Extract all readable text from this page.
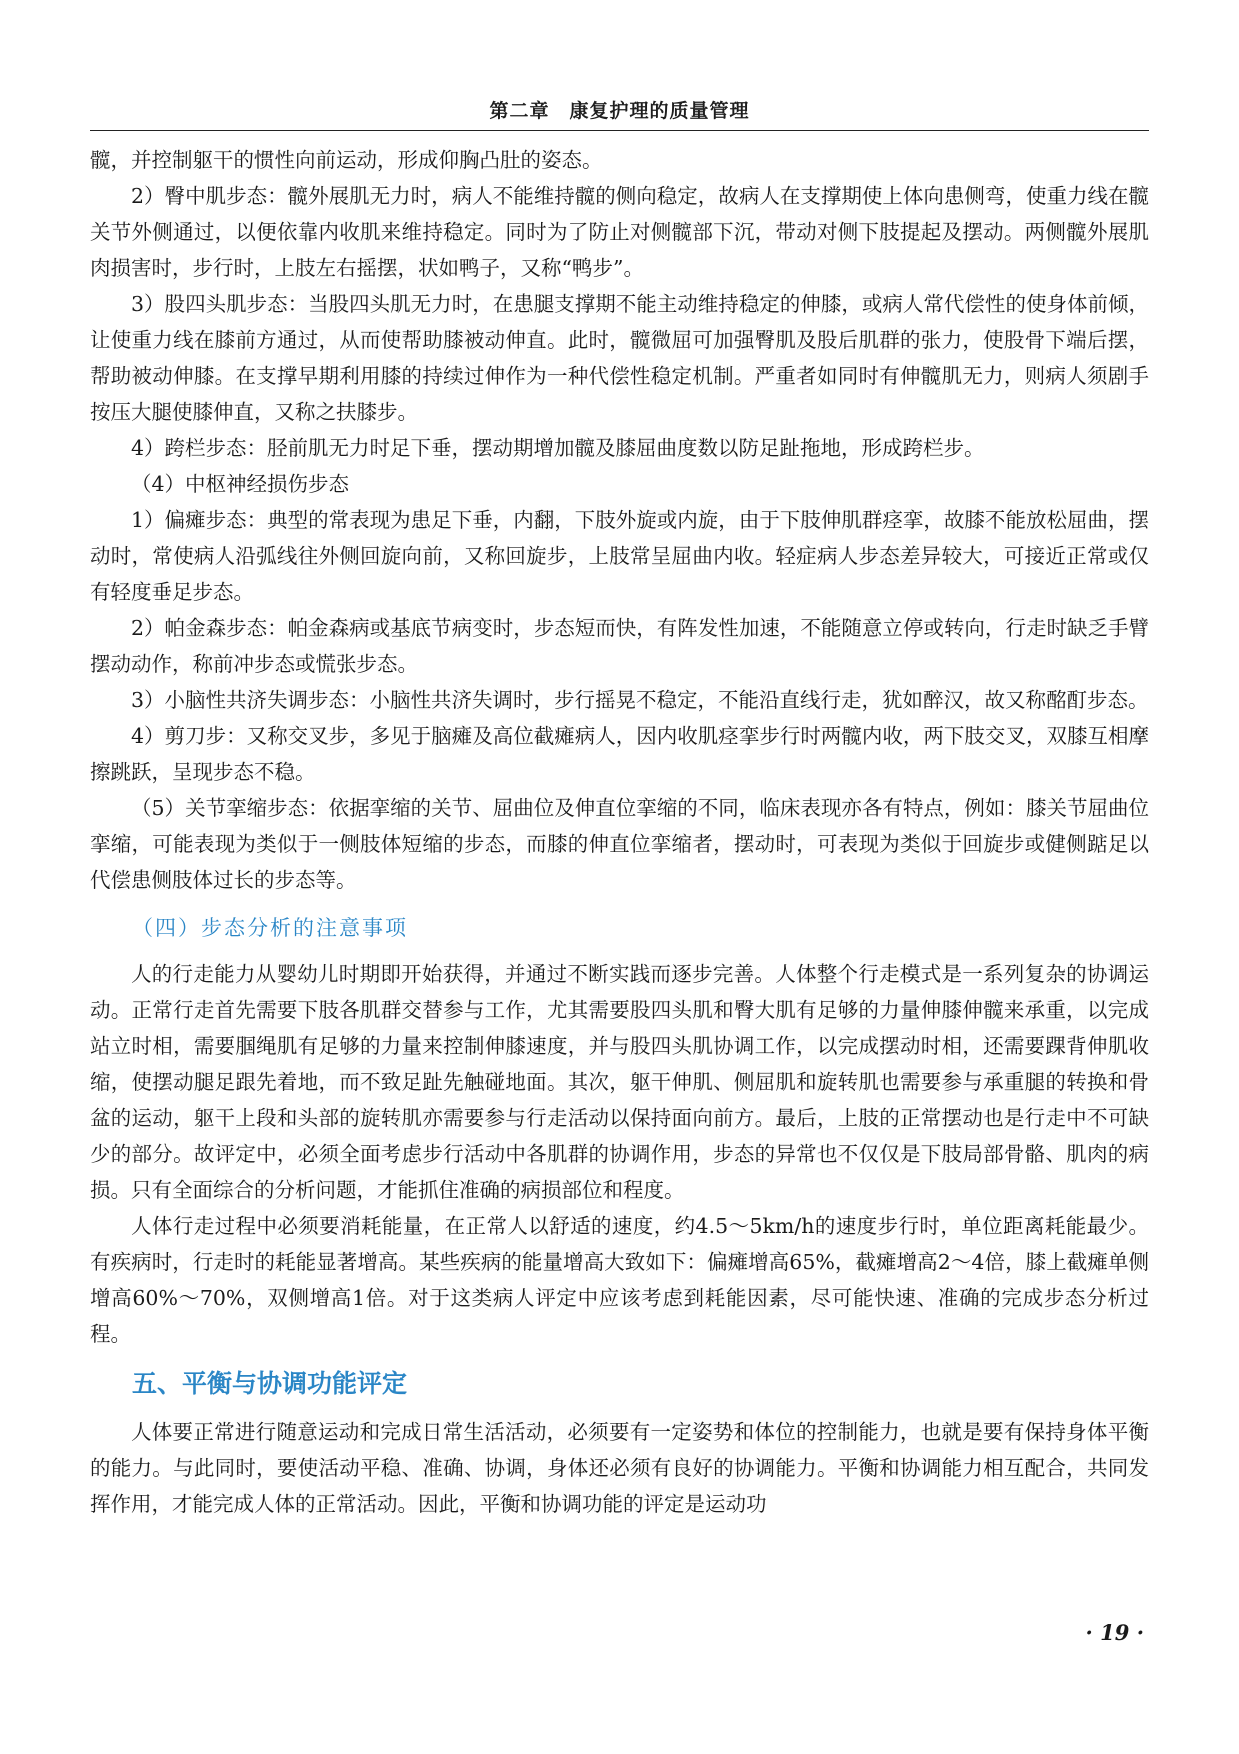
第二章　康复护理的质量管理

髋，并控制躯干的惯性向前运动，形成仰胸凸肚的姿态。

2）臀中肌步态：髋外展肌无力时，病人不能维持髋的侧向稳定，故病人在支撑期使上体向患侧弯，使重力线在髋关节外侧通过，以便依靠内收肌来维持稳定。同时为了防止对侧髋部下沉，带动对侧下肢提起及摆动。两侧髋外展肌肉损害时，步行时，上肢左右摇摆，状如鸭子，又称“鸭步”。

3）股四头肌步态：当股四头肌无力时，在患腿支撑期不能主动维持稳定的伸膝，或病人常代偿性的使身体前倾，让使重力线在膝前方通过，从而使帮助膝被动伸直。此时，髋微屈可加强臀肌及股后肌群的张力，使股骨下端后摆，帮助被动伸膝。在支撑早期利用膝的持续过伸作为一种代偿性稳定机制。严重者如同时有伸髋肌无力，则病人须剧手按压大腿使膝伸直，又称之扶膝步。

4）跨栏步态：胫前肌无力时足下垂，摆动期增加髋及膝屈曲度数以防足趾拖地，形成跨栏步。

（4）中枢神经损伤步态

1）偏瘫步态：典型的常表现为患足下垂，内翻，下肢外旋或内旋，由于下肢伸肌群痉挛，故膝不能放松屈曲，摆动时，常使病人沿弧线往外侧回旋向前，又称回旋步，上肢常呈屈曲内收。轻症病人步态差异较大，可接近正常或仅有轻度垂足步态。

2）帕金森步态：帕金森病或基底节病变时，步态短而快，有阵发性加速，不能随意立停或转向，行走时缺乏手臂摆动动作，称前冲步态或慌张步态。

3）小脑性共济失调步态：小脑性共济失调时，步行摇晃不稳定，不能沿直线行走，犹如醉汉，故又称酩酊步态。

4）剪刀步：又称交叉步，多见于脑瘫及高位截瘫病人，因内收肌痉挛步行时两髋内收，两下肢交叉，双膝互相摩擦跳跃，呈现步态不稳。

（5）关节挛缩步态：依据挛缩的关节、屈曲位及伸直位挛缩的不同，临床表现亦各有特点，例如：膝关节屈曲位挛缩，可能表现为类似于一侧肢体短缩的步态，而膝的伸直位挛缩者，摆动时，可表现为类似于回旋步或健侧踮足以代偿患侧肢体过长的步态等。

（四）步态分析的注意事项

人的行走能力从婴幼儿时期即开始获得，并通过不断实践而逐步完善。人体整个行走模式是一系列复杂的协调运动。正常行走首先需要下肢各肌群交替参与工作，尤其需要股四头肌和臀大肌有足够的力量伸膝伸髋来承重，以完成站立时相，需要腘绳肌有足够的力量来控制伸膝速度，并与股四头肌协调工作，以完成摆动时相，还需要踝背伸肌收缩，使摆动腿足跟先着地，而不致足趾先触碰地面。其次，躯干伸肌、侧屈肌和旋转肌也需要参与承重腿的转换和骨盆的运动，躯干上段和头部的旋转肌亦需要参与行走活动以保持面向前方。最后，上肢的正常摆动也是行走中不可缺少的部分。故评定中，必须全面考虑步行活动中各肌群的协调作用，步态的异常也不仅仅是下肢局部骨骼、肌肉的病损。只有全面综合的分析问题，才能抓住准确的病损部位和程度。

人体行走过程中必须要消耗能量，在正常人以舒适的速度，约4.5～5km/h的速度步行时，单位距离耗能最少。有疾病时，行走时的耗能显著增高。某些疾病的能量增高大致如下：偏瘫增高65%，截瘫增高2～4倍，膝上截瘫单侧增高60%～70%，双侧增高1倍。对于这类病人评定中应该考虑到耗能因素，尽可能快速、准确的完成步态分析过程。

五、平衡与协调功能评定

人体要正常进行随意运动和完成日常生活活动，必须要有一定姿势和体位的控制能力，也就是要有保持身体平衡的能力。与此同时，要使活动平稳、准确、协调，身体还必须有良好的协调能力。平衡和协调能力相互配合，共同发挥作用，才能完成人体的正常活动。因此，平衡和协调功能的评定是运动功

· 19 ·
